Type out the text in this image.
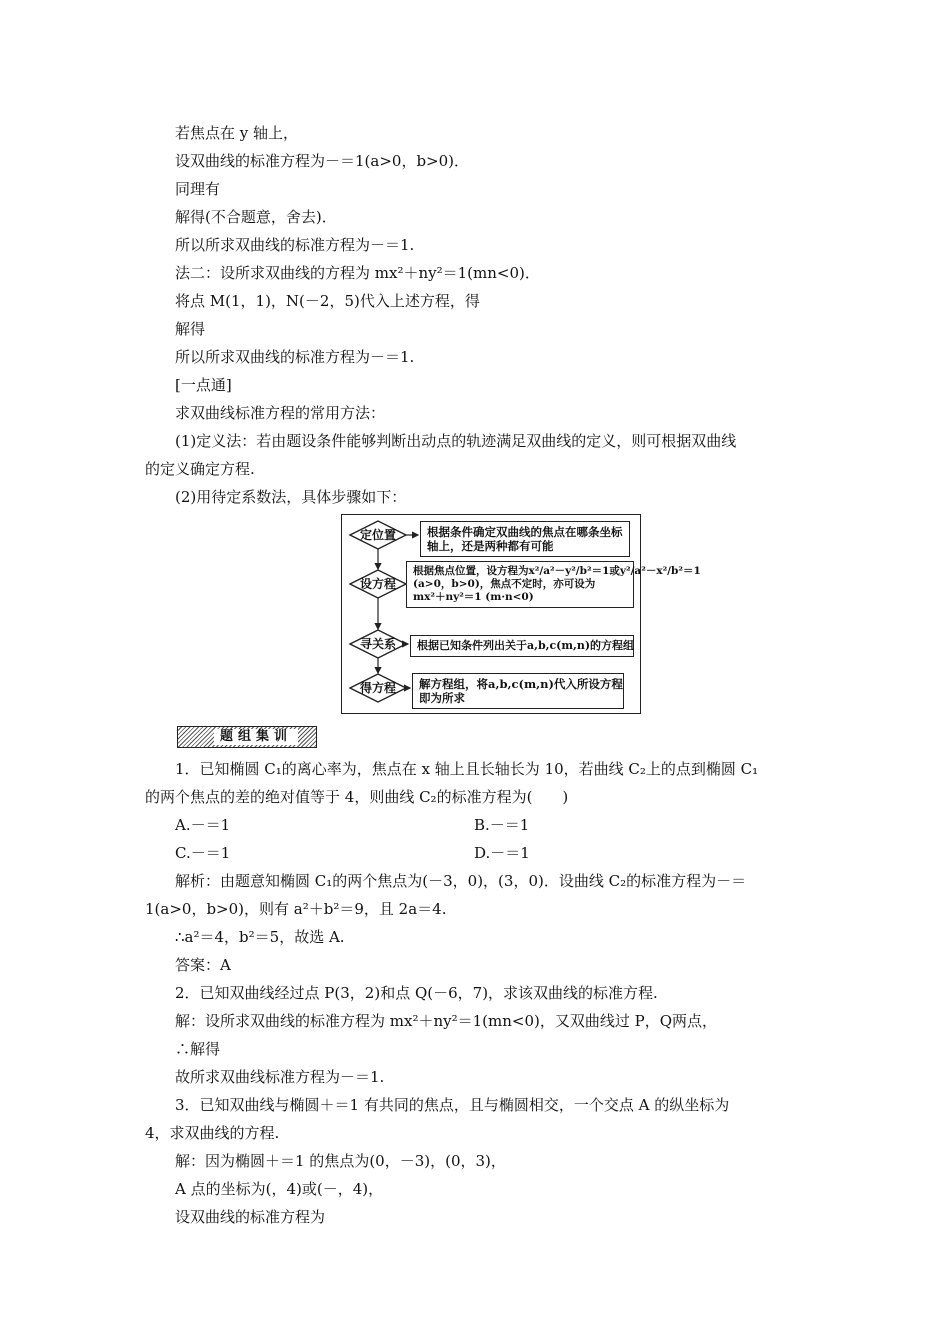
若焦点在 y 轴上，
设双曲线的标准方程为－＝1(a>0，b>0)．
同理有
解得(不合题意，舍去)．
所以所求双曲线的标准方程为－＝1.
法二：设所求双曲线的方程为 mx²＋ny²＝1(mn<0)．
将点 M(1，1)，N(－2，5)代入上述方程，得
解得
所以所求双曲线的标准方程为－＝1.
[一点通]
求双曲线标准方程的常用方法：
(1)定义法：若由题设条件能够判断出动点的轨迹满足双曲线的定义，则可根据双曲线
的定义确定方程.
(2)用待定系数法，具体步骤如下：
定位置
设方程
寻关系
得方程
根据条件确定双曲线的焦点在哪条坐标
轴上，还是两种都有可能
根据焦点位置，设方程为x²/a²－y²/b²＝1或y²/a²－x²/b²＝1
(a>0，b>0)，焦点不定时，亦可设为
mx²＋ny²＝1 (m·n<0)
根据已知条件列出关于a,b,c(m,n)的方程组
解方程组，将a,b,c(m,n)代入所设方程
即为所求
题组集训
1．已知椭圆 C₁的离心率为，焦点在 x 轴上且长轴长为 10，若曲线 C₂上的点到椭圆 C₁
的两个焦点的差的绝对值等于 4，则曲线 C₂的标准方程为(　　)
A.－＝1	B.－＝1
C.－＝1	D.－＝1
解析：由题意知椭圆 C₁的两个焦点为(－3，0)，(3，0)．设曲线 C₂的标准方程为－＝
1(a>0，b>0)，则有 a²＋b²＝9，且 2a＝4.
∴a²＝4，b²＝5，故选 A.
答案：A
2．已知双曲线经过点 P(3，2)和点 Q(－6，7)，求该双曲线的标准方程.
解：设所求双曲线的标准方程为 mx²＋ny²＝1(mn<0)，又双曲线过 P，Q两点，
∴解得
故所求双曲线标准方程为－＝1.
3．已知双曲线与椭圆＋＝1 有共同的焦点，且与椭圆相交，一个交点 A 的纵坐标为
4，求双曲线的方程.
解：因为椭圆＋＝1 的焦点为(0，－3)，(0，3)，
A 点的坐标为(，4)或(－，4)，
设双曲线的标准方程为
